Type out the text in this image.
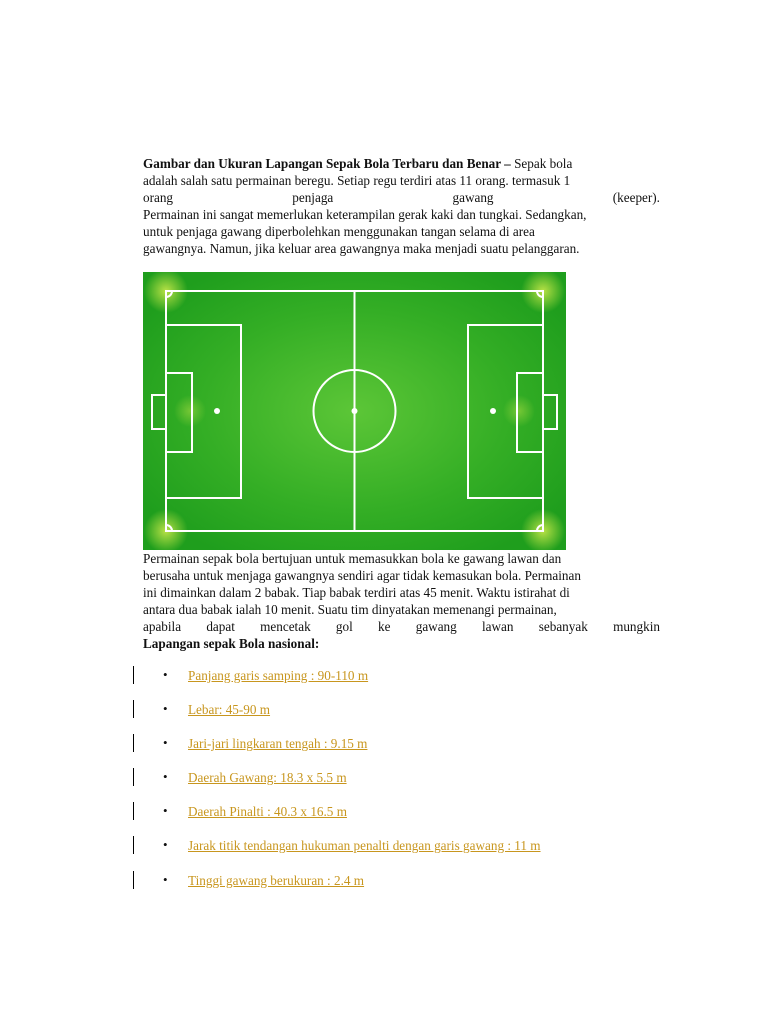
Gambar dan Ukuran Lapangan Sepak Bola Terbaru dan Benar – Sepak bola
adalah salah satu permainan beregu. Setiap regu terdiri atas 11 orang. termasuk 1
orang	penjaga	gawang	(keeper).
Permainan ini sangat memerlukan keterampilan gerak kaki dan tungkai. Sedangkan,
untuk penjaga gawang diperbolehkan menggunakan tangan selama di area
gawangnya. Namun, jika keluar area gawangnya maka menjadi suatu pelanggaran.
Permainan sepak bola bertujuan untuk memasukkan bola ke gawang lawan dan
berusaha untuk menjaga gawangnya sendiri agar tidak kemasukan bola. Permainan
ini dimainkan dalam 2 babak. Tiap babak terdiri atas 45 menit. Waktu istirahat di
antara dua babak ialah 10 menit. Suatu tim dinyatakan memenangi permainan,
apabila dapat mencetak gol ke gawang lawan sebanyak mungkin
Lapangan sepak Bola nasional:
• Panjang garis samping : 90-110 m
• Lebar: 45-90 m
• Jari-jari lingkaran tengah : 9.15 m
• Daerah Gawang: 18.3 x 5.5 m
• Daerah Pinalti : 40.3 x 16.5 m
• Jarak titik tendangan hukuman penalti dengan garis gawang : 11 m
• Tinggi gawang berukuran : 2.4 m
